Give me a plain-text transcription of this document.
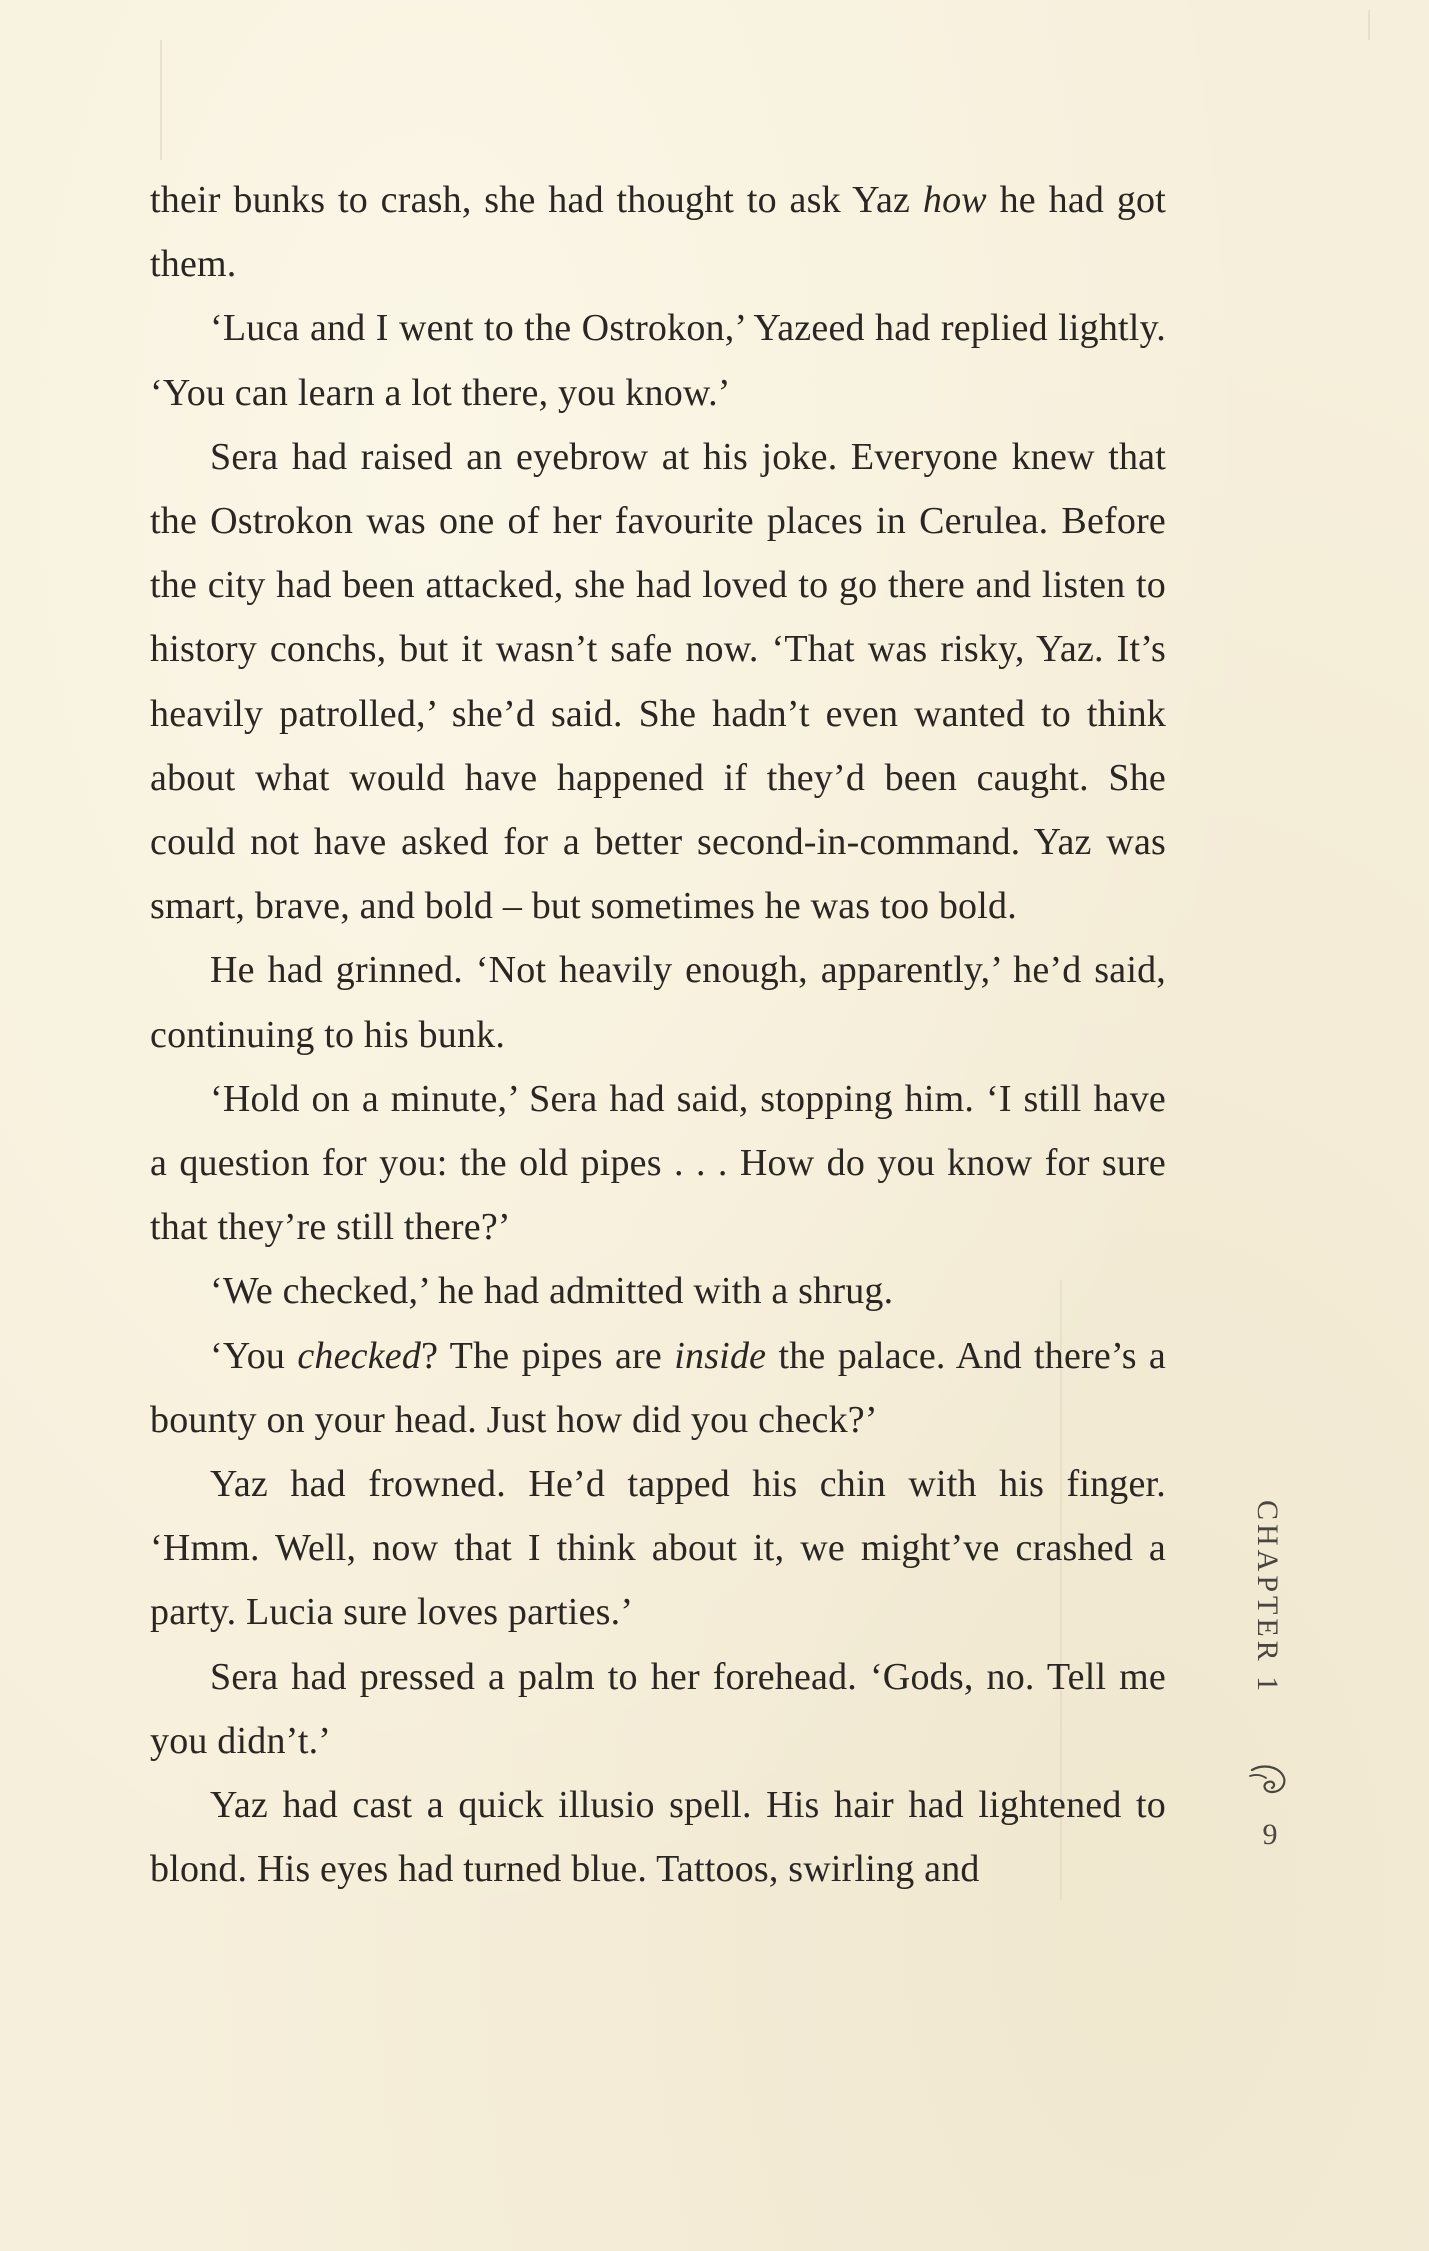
their bunks to crash, she had thought to ask Yaz how he had got them.

‘Luca and I went to the Ostrokon,’ Yazeed had replied lightly. ‘You can learn a lot there, you know.’

Sera had raised an eyebrow at his joke. Everyone knew that the Ostrokon was one of her favourite places in Cerulea. Before the city had been attacked, she had loved to go there and listen to history conchs, but it wasn’t safe now. ‘That was risky, Yaz. It’s heavily patrolled,’ she’d said. She hadn’t even wanted to think about what would have happened if they’d been caught. She could not have asked for a better second-in-command. Yaz was smart, brave, and bold – but sometimes he was too bold.

He had grinned. ‘Not heavily enough, apparently,’ he’d said, continuing to his bunk.

‘Hold on a minute,’ Sera had said, stopping him. ‘I still have a question for you: the old pipes . . . How do you know for sure that they’re still there?’

‘We checked,’ he had admitted with a shrug.

‘You checked? The pipes are inside the palace. And there’s a bounty on your head. Just how did you check?’

Yaz had frowned. He’d tapped his chin with his finger. ‘Hmm. Well, now that I think about it, we might’ve crashed a party. Lucia sure loves parties.’

Sera had pressed a palm to her forehead. ‘Gods, no. Tell me you didn’t.’

Yaz had cast a quick illusio spell. His hair had lightened to blond. His eyes had turned blue. Tattoos, swirling and

CHAPTER 1
9
